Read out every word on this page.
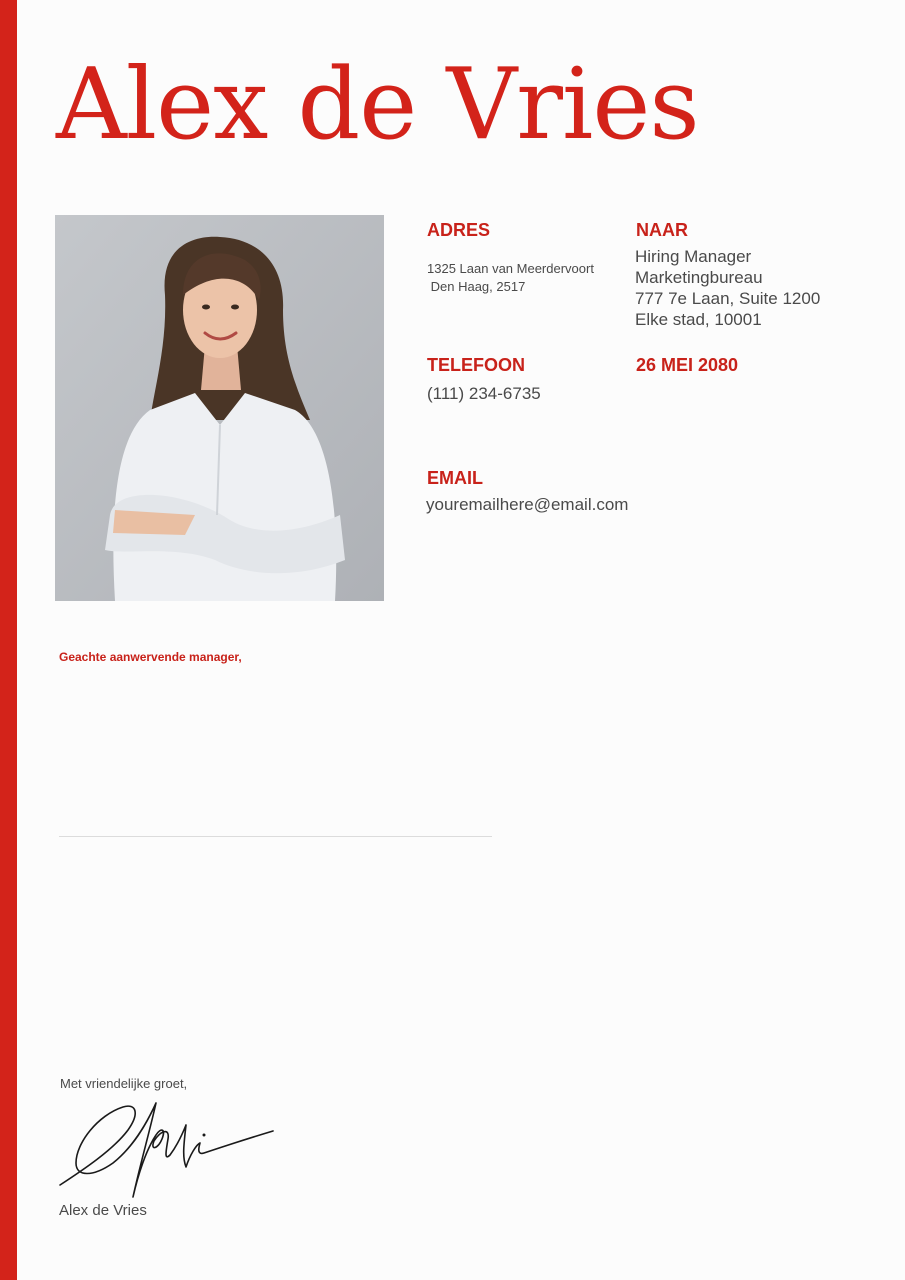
Alex de Vries
ADRES
1325 Laan van Meerdervoort
Den Haag, 2517
NAAR
Hiring Manager
Marketingbureau
777 7e Laan, Suite 1200
Elke stad, 10001
TELEFOON
(111) 234-6735
26 MEI 2080
EMAIL
youremailhere@email.com
Geachte aanwervende manager,
Met vriendelijke groet,
Alex de Vries
